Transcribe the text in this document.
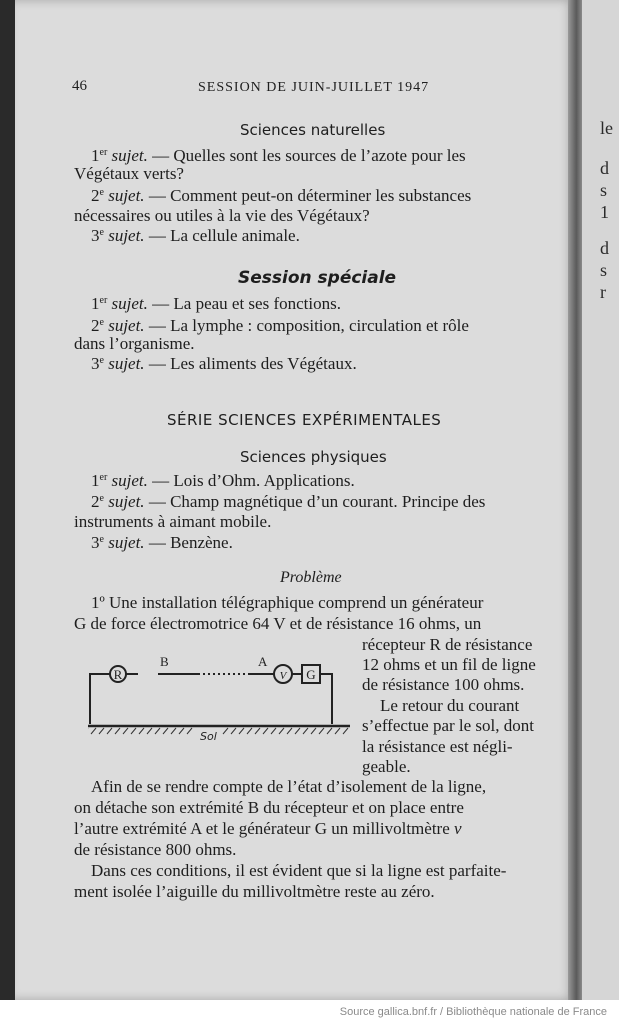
le
d
s
1
d
s
r
46	SESSION DE JUIN-JUILLET 1947
Sciences naturelles
1er sujet. — Quelles sont les sources de l’azote pour les
Végétaux verts?
2e sujet. — Comment peut-on déterminer les substances
nécessaires ou utiles à la vie des Végétaux?
3e sujet. — La cellule animale.
Session spéciale
1er sujet. — La peau et ses fonctions.
2e sujet. — La lymphe : composition, circulation et rôle
dans l’organisme.
3e sujet. — Les aliments des Végétaux.
SÉRIE SCIENCES EXPÉRIMENTALES
Sciences physiques
1er sujet. — Lois d’Ohm. Applications.
2e sujet. — Champ magnétique d’un courant. Principe des
instruments à aimant mobile.
3e sujet. — Benzène.
Problème
1º Une installation télégraphique comprend un générateur
G de force électromotrice 64 V et de résistance 16 ohms, un
récepteur R de résistance
12 ohms et un fil de ligne
de résistance 100 ohms.
Le retour du courant
s’effectue par le sol, dont
la résistance est négli-
geable.
R
B	A
V G
Sol
Afin de se rendre compte de l’état d’isolement de la ligne,
on détache son extrémité B du récepteur et on place entre
l’autre extrémité A et le générateur G un millivoltmètre v
de résistance 800 ohms.
Dans ces conditions, il est évident que si la ligne est parfaite-
ment isolée l’aiguille du millivoltmètre reste au zéro.
Source gallica.bnf.fr / Bibliothèque nationale de France
